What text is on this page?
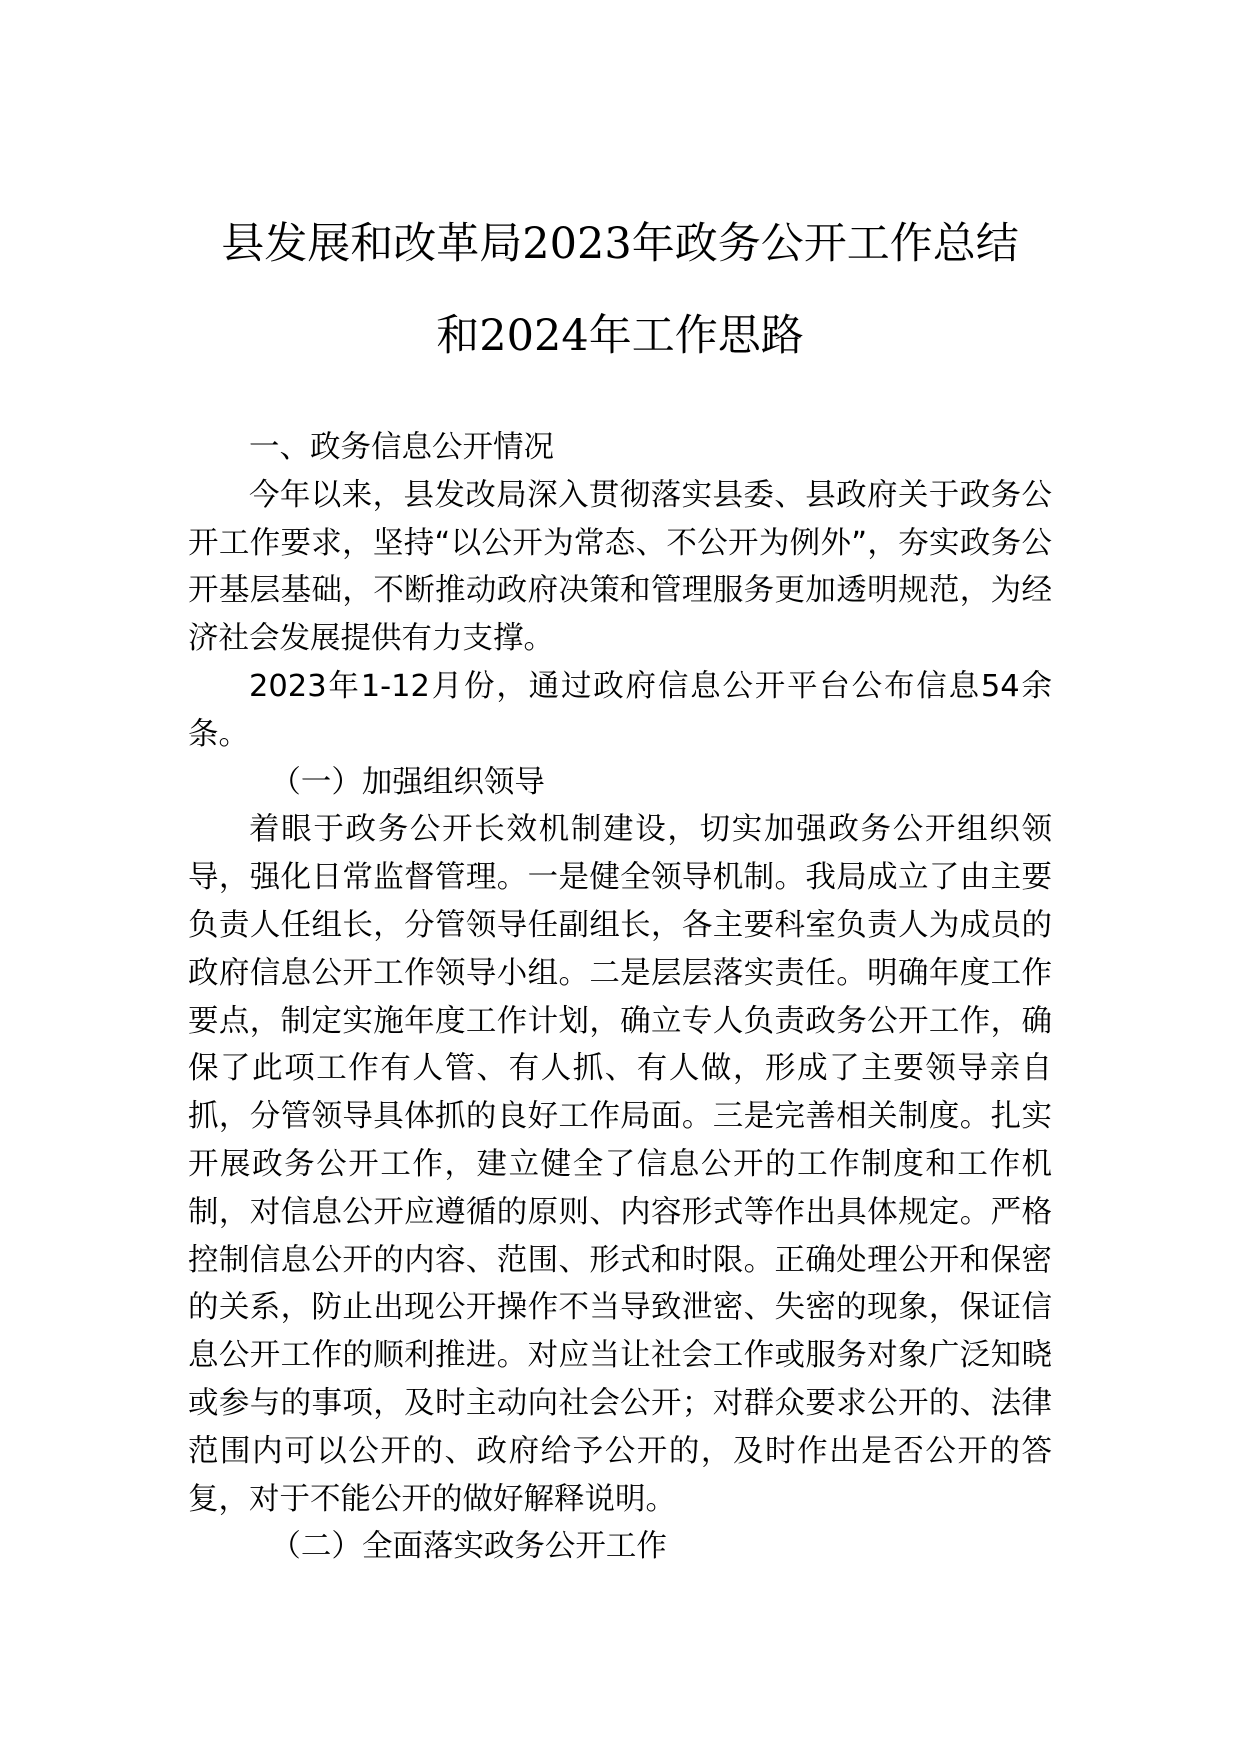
县发展和改革局2023年政务公开工作总结
和2024年工作思路

一、政务信息公开情况

今年以来，县发改局深入贯彻落实县委、县政府关于政务公开工作要求，坚持“以公开为常态、不公开为例外”，夯实政务公开基层基础，不断推动政府决策和管理服务更加透明规范，为经济社会发展提供有力支撑。

2023年1-12月份，通过政府信息公开平台公布信息54余条。

（一）加强组织领导

着眼于政务公开长效机制建设，切实加强政务公开组织领导，强化日常监督管理。一是健全领导机制。我局成立了由主要负责人任组长，分管领导任副组长，各主要科室负责人为成员的政府信息公开工作领导小组。二是层层落实责任。明确年度工作要点，制定实施年度工作计划，确立专人负责政务公开工作，确保了此项工作有人管、有人抓、有人做，形成了主要领导亲自抓，分管领导具体抓的良好工作局面。三是完善相关制度。扎实开展政务公开工作，建立健全了信息公开的工作制度和工作机制，对信息公开应遵循的原则、内容形式等作出具体规定。严格控制信息公开的内容、范围、形式和时限。正确处理公开和保密的关系，防止出现公开操作不当导致泄密、失密的现象，保证信息公开工作的顺利推进。对应当让社会工作或服务对象广泛知晓或参与的事项，及时主动向社会公开；对群众要求公开的、法律范围内可以公开的、政府给予公开的，及时作出是否公开的答复，对于不能公开的做好解释说明。

（二）全面落实政务公开工作
